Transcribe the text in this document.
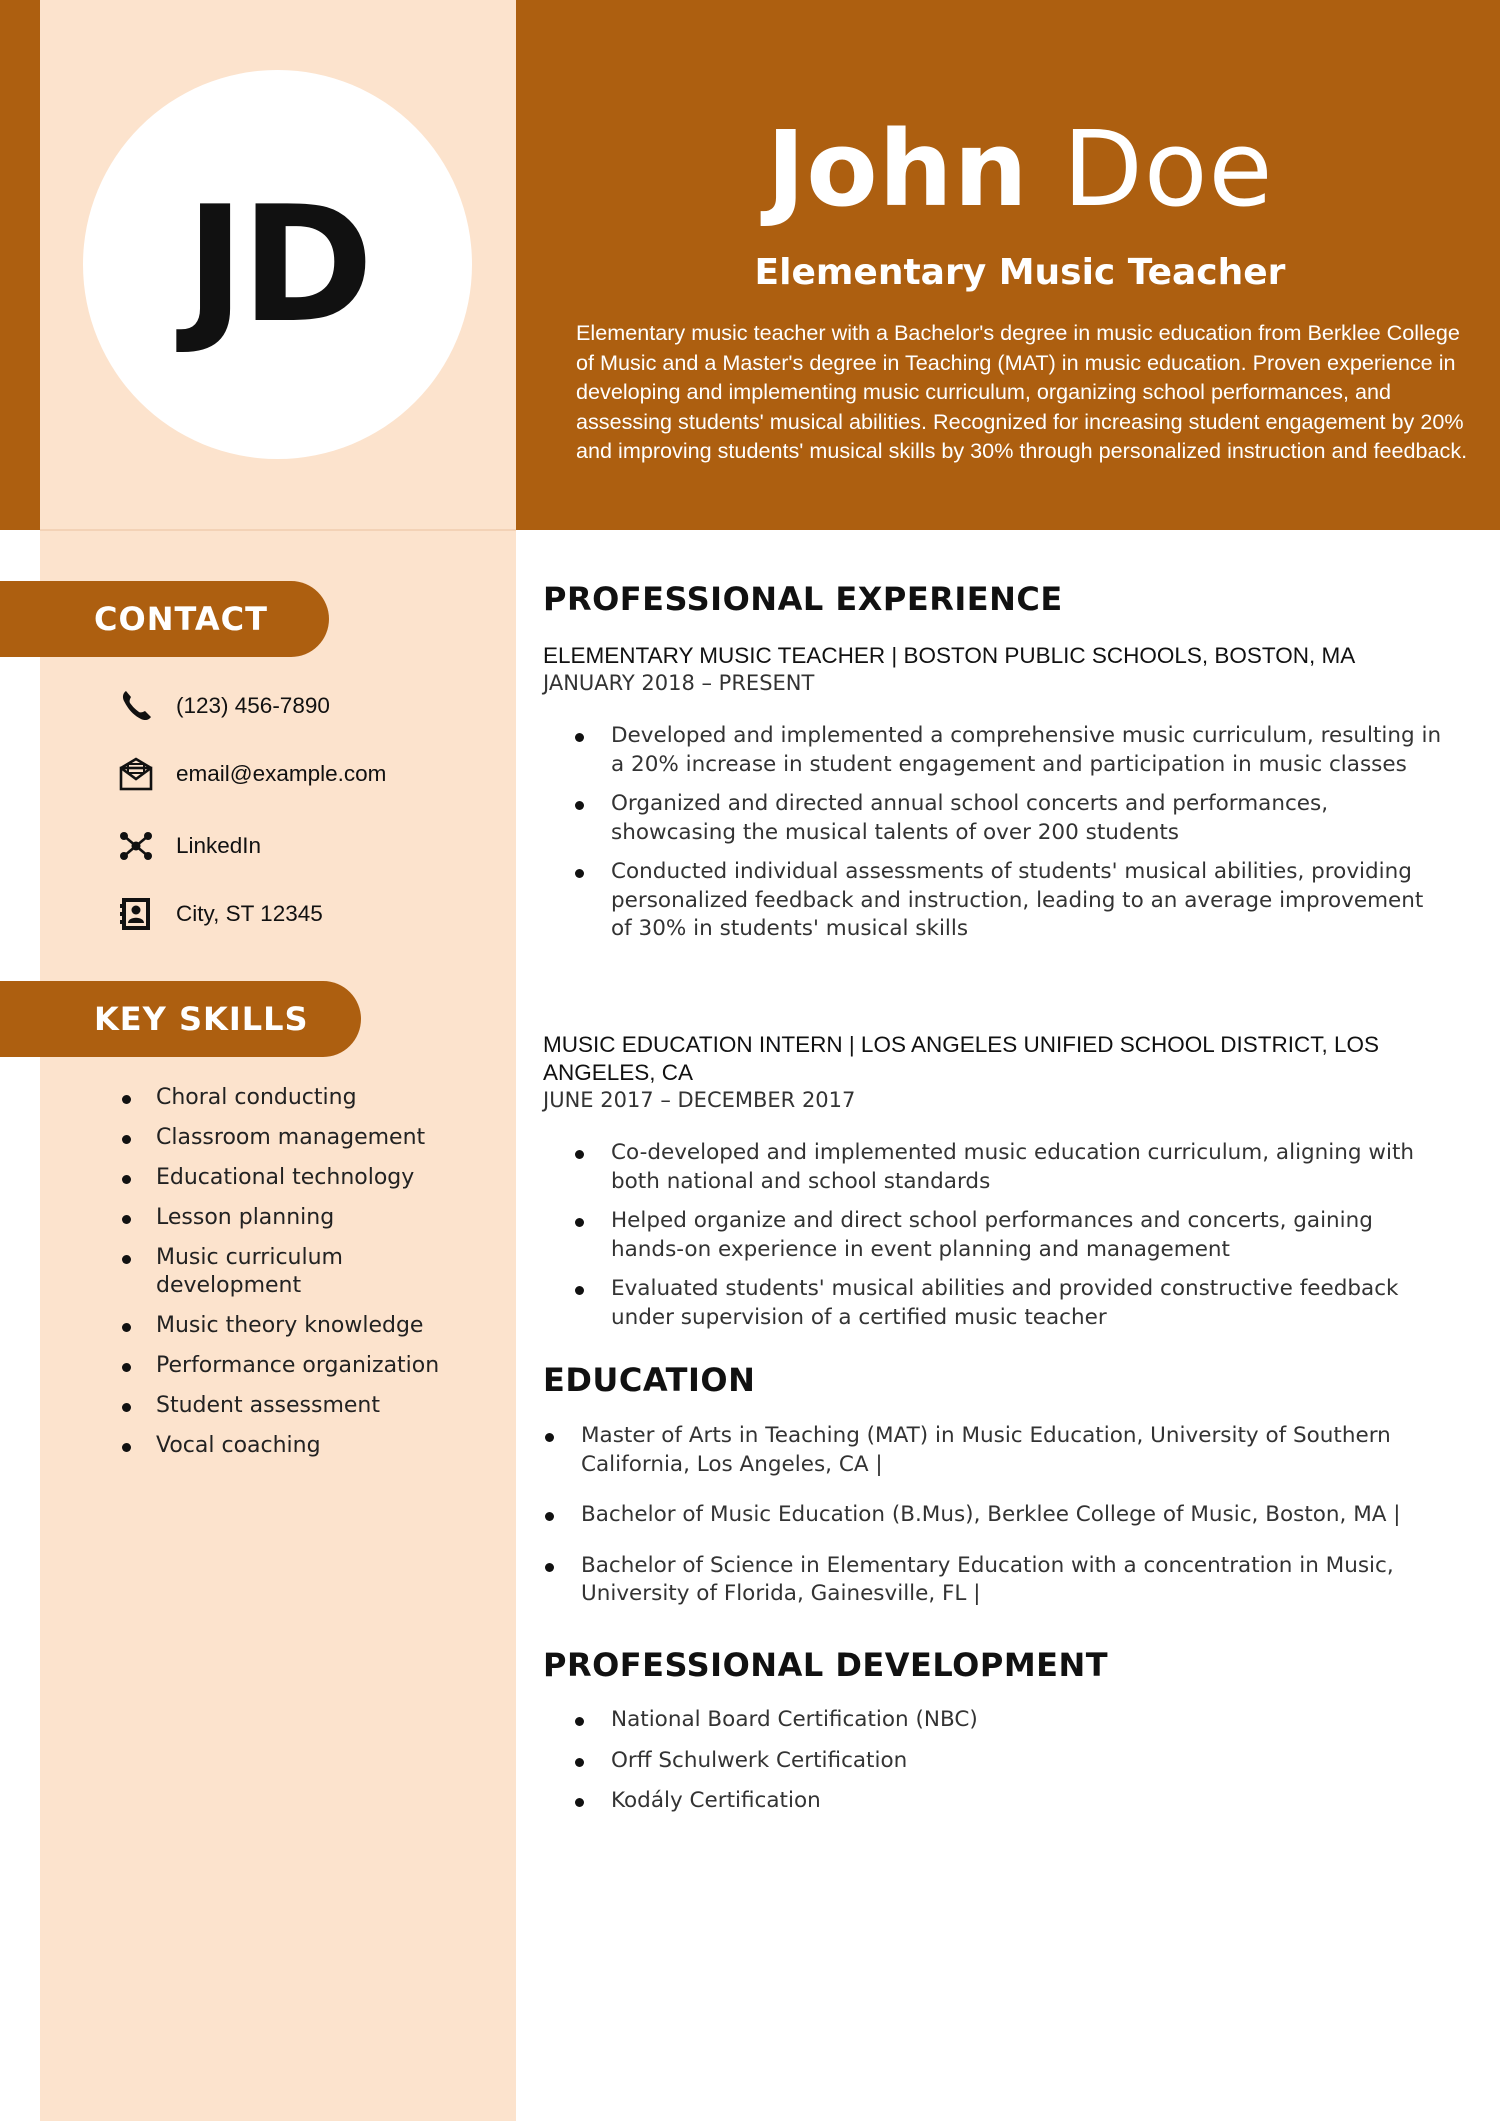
JD
John Doe
Elementary Music Teacher
Elementary music teacher with a Bachelor's degree in music education from Berklee College of Music and a Master's degree in Teaching (MAT) in music education. Proven experience in developing and implementing music curriculum, organizing school performances, and assessing students' musical abilities. Recognized for increasing student engagement by 20% and improving students' musical skills by 30% through personalized instruction and feedback.
CONTACT
(123) 456-7890
email@example.com
LinkedIn
City, ST 12345
KEY SKILLS
Choral conducting
Classroom management
Educational technology
Lesson planning
Music curriculum development
Music theory knowledge
Performance organization
Student assessment
Vocal coaching
PROFESSIONAL EXPERIENCE
ELEMENTARY MUSIC TEACHER | BOSTON PUBLIC SCHOOLS, BOSTON, MA
JANUARY 2018 – PRESENT
Developed and implemented a comprehensive music curriculum, resulting in a 20% increase in student engagement and participation in music classes
Organized and directed annual school concerts and performances, showcasing the musical talents of over 200 students
Conducted individual assessments of students' musical abilities, providing personalized feedback and instruction, leading to an average improvement of 30% in students' musical skills
MUSIC EDUCATION INTERN | LOS ANGELES UNIFIED SCHOOL DISTRICT, LOS ANGELES, CA
JUNE 2017 – DECEMBER 2017
Co-developed and implemented music education curriculum, aligning with both national and school standards
Helped organize and direct school performances and concerts, gaining hands-on experience in event planning and management
Evaluated students' musical abilities and provided constructive feedback under supervision of a certified music teacher
EDUCATION
Master of Arts in Teaching (MAT) in Music Education, University of Southern California, Los Angeles, CA |
Bachelor of Music Education (B.Mus), Berklee College of Music, Boston, MA |
Bachelor of Science in Elementary Education with a concentration in Music, University of Florida, Gainesville, FL |
PROFESSIONAL DEVELOPMENT
National Board Certification (NBC)
Orff Schulwerk Certification
Kodály Certification
